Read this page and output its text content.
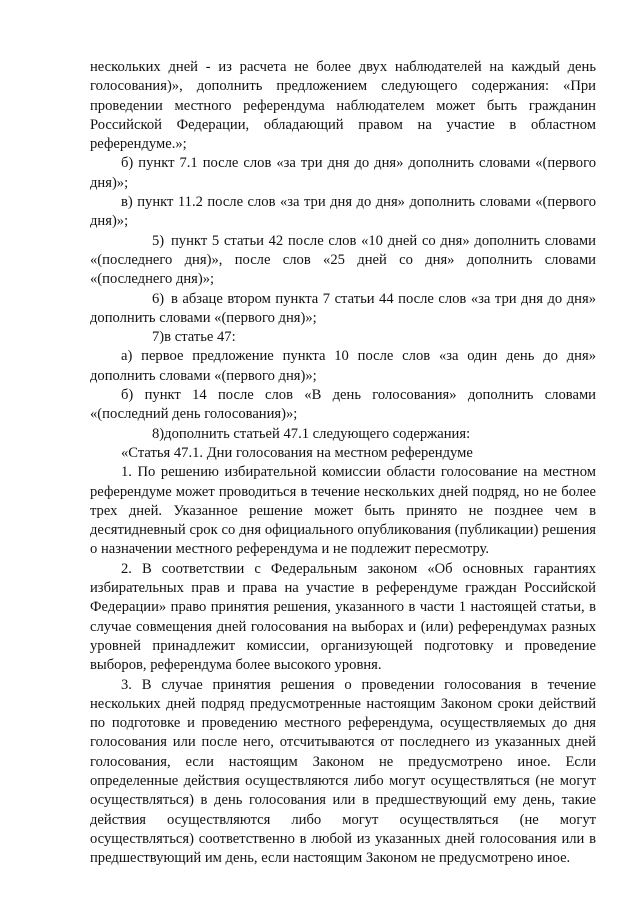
нескольких дней - из расчета не более двух наблюдателей на каждый день голосования)», дополнить предложением следующего содержания: «При проведении местного референдума наблюдателем может быть гражданин Российской Федерации, обладающий правом на участие в областном референдуме.»;

б) пункт 7.1 после слов «за три дня до дня» дополнить словами «(первого дня)»;

в) пункт 11.2 после слов «за три дня до дня» дополнить словами «(первого дня)»;

5) пункт 5 статьи 42 после слов «10 дней со дня» дополнить словами «(последнего дня)», после слов «25 дней со дня» дополнить словами «(последнего дня)»;

6) в абзаце втором пункта 7 статьи 44 после слов «за три дня до дня» дополнить словами «(первого дня)»;

7)в статье 47:

а) первое предложение пункта 10 после слов «за один день до дня» дополнить словами «(первого дня)»;

б) пункт 14 после слов «В день голосования» дополнить словами «(последний день голосования)»;

8)дополнить статьей 47.1 следующего содержания:

«Статья 47.1. Дни голосования на местном референдуме

1. По решению избирательной комиссии области голосование на местном референдуме может проводиться в течение нескольких дней подряд, но не более трех дней. Указанное решение может быть принято не позднее чем в десятидневный срок со дня официального опубликования (публикации) решения о назначении местного референдума и не подлежит пересмотру.

2. В соответствии с Федеральным законом «Об основных гарантиях избирательных прав и права на участие в референдуме граждан Российской Федерации» право принятия решения, указанного в части 1 настоящей статьи, в случае совмещения дней голосования на выборах и (или) референдумах разных уровней принадлежит комиссии, организующей подготовку и проведение выборов, референдума более высокого уровня.

3. В случае принятия решения о проведении голосования в течение нескольких дней подряд предусмотренные настоящим Законом сроки действий по подготовке и проведению местного референдума, осуществляемых до дня голосования или после него, отсчитываются от последнего из указанных дней голосования, если настоящим Законом не предусмотрено иное. Если определенные действия осуществляются либо могут осуществляться (не могут осуществляться) в день голосования или в предшествующий ему день, такие действия осуществляются либо могут осуществляться (не могут осуществляться) соответственно в любой из указанных дней голосования или в предшествующий им день, если настоящим Законом не предусмотрено иное.
